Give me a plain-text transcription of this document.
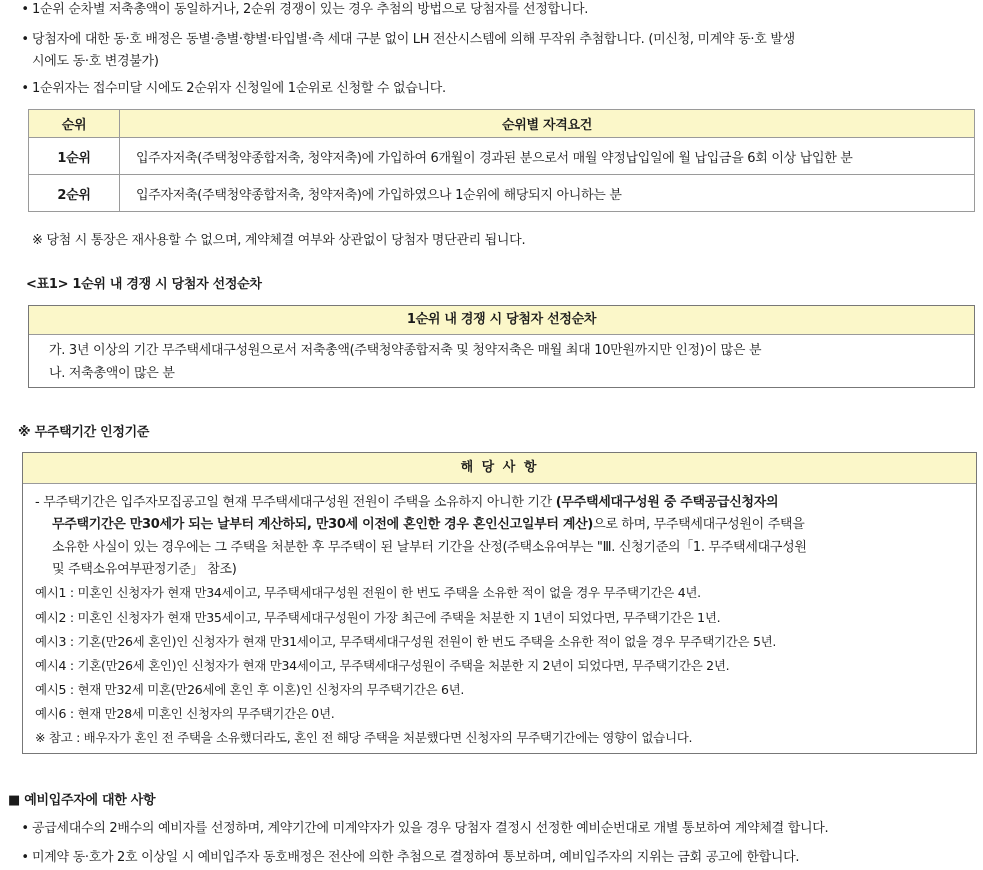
• 1순위 순차별 저축총액이 동일하거나, 2순위 경쟁이 있는 경우 추첨의 방법으로 당첨자를 선정합니다.
• 당첨자에 대한 동·호 배정은 동별·층별·향별·타입별·측 세대 구분 없이 LH 전산시스템에 의해 무작위 추첨합니다. (미신청, 미계약 동·호 발생
시에도 동·호 변경불가)
• 1순위자는 접수미달 시에도 2순위자 신청일에 1순위로 신청할 수 없습니다.
순위	순위별 자격요건
1순위	입주자저축(주택청약종합저축, 청약저축)에 가입하여 6개월이 경과된 분으로서 매월 약정납입일에 월 납입금을 6회 이상 납입한 분
2순위	입주자저축(주택청약종합저축, 청약저축)에 가입하였으나 1순위에 해당되지 아니하는 분
※ 당첨 시 통장은 재사용할 수 없으며, 계약체결 여부와 상관없이 당첨자 명단관리 됩니다.
<표1> 1순위 내 경쟁 시 당첨자 선정순차
1순위 내 경쟁 시 당첨자 선정순차
가. 3년 이상의 기간 무주택세대구성원으로서 저축총액(주택청약종합저축 및 청약저축은 매월 최대 10만원까지만 인정)이 많은 분
나. 저축총액이 많은 분
※ 무주택기간 인정기준
해 당 사 항
- 무주택기간은 입주자모집공고일 현재 무주택세대구성원 전원이 주택을 소유하지 아니한 기간 (무주택세대구성원 중 주택공급신청자의
무주택기간은 만30세가 되는 날부터 계산하되, 만30세 이전에 혼인한 경우 혼인신고일부터 계산)으로 하며, 무주택세대구성원이 주택을
소유한 사실이 있는 경우에는 그 주택을 처분한 후 무주택이 된 날부터 기간을 산정(주택소유여부는 "Ⅲ. 신청기준의「1. 무주택세대구성원
및 주택소유여부판정기준」 참조)
예시1 : 미혼인 신청자가 현재 만34세이고, 무주택세대구성원 전원이 한 번도 주택을 소유한 적이 없을 경우 무주택기간은 4년.
예시2 : 미혼인 신청자가 현재 만35세이고, 무주택세대구성원이 가장 최근에 주택을 처분한 지 1년이 되었다면, 무주택기간은 1년.
예시3 : 기혼(만26세 혼인)인 신청자가 현재 만31세이고, 무주택세대구성원 전원이 한 번도 주택을 소유한 적이 없을 경우 무주택기간은 5년.
예시4 : 기혼(만26세 혼인)인 신청자가 현재 만34세이고, 무주택세대구성원이 주택을 처분한 지 2년이 되었다면, 무주택기간은 2년.
예시5 : 현재 만32세 미혼(만26세에 혼인 후 이혼)인 신청자의 무주택기간은 6년.
예시6 : 현재 만28세 미혼인 신청자의 무주택기간은 0년.
※ 참고 : 배우자가 혼인 전 주택을 소유했더라도, 혼인 전 해당 주택을 처분했다면 신청자의 무주택기간에는 영향이 없습니다.
■ 예비입주자에 대한 사항
• 공급세대수의 2배수의 예비자를 선정하며, 계약기간에 미계약자가 있을 경우 당첨자 결정시 선정한 예비순번대로 개별 통보하여 계약체결 합니다.
• 미계약 동·호가 2호 이상일 시 예비입주자 동호배정은 전산에 의한 추첨으로 결정하여 통보하며, 예비입주자의 지위는 금회 공고에 한합니다.
